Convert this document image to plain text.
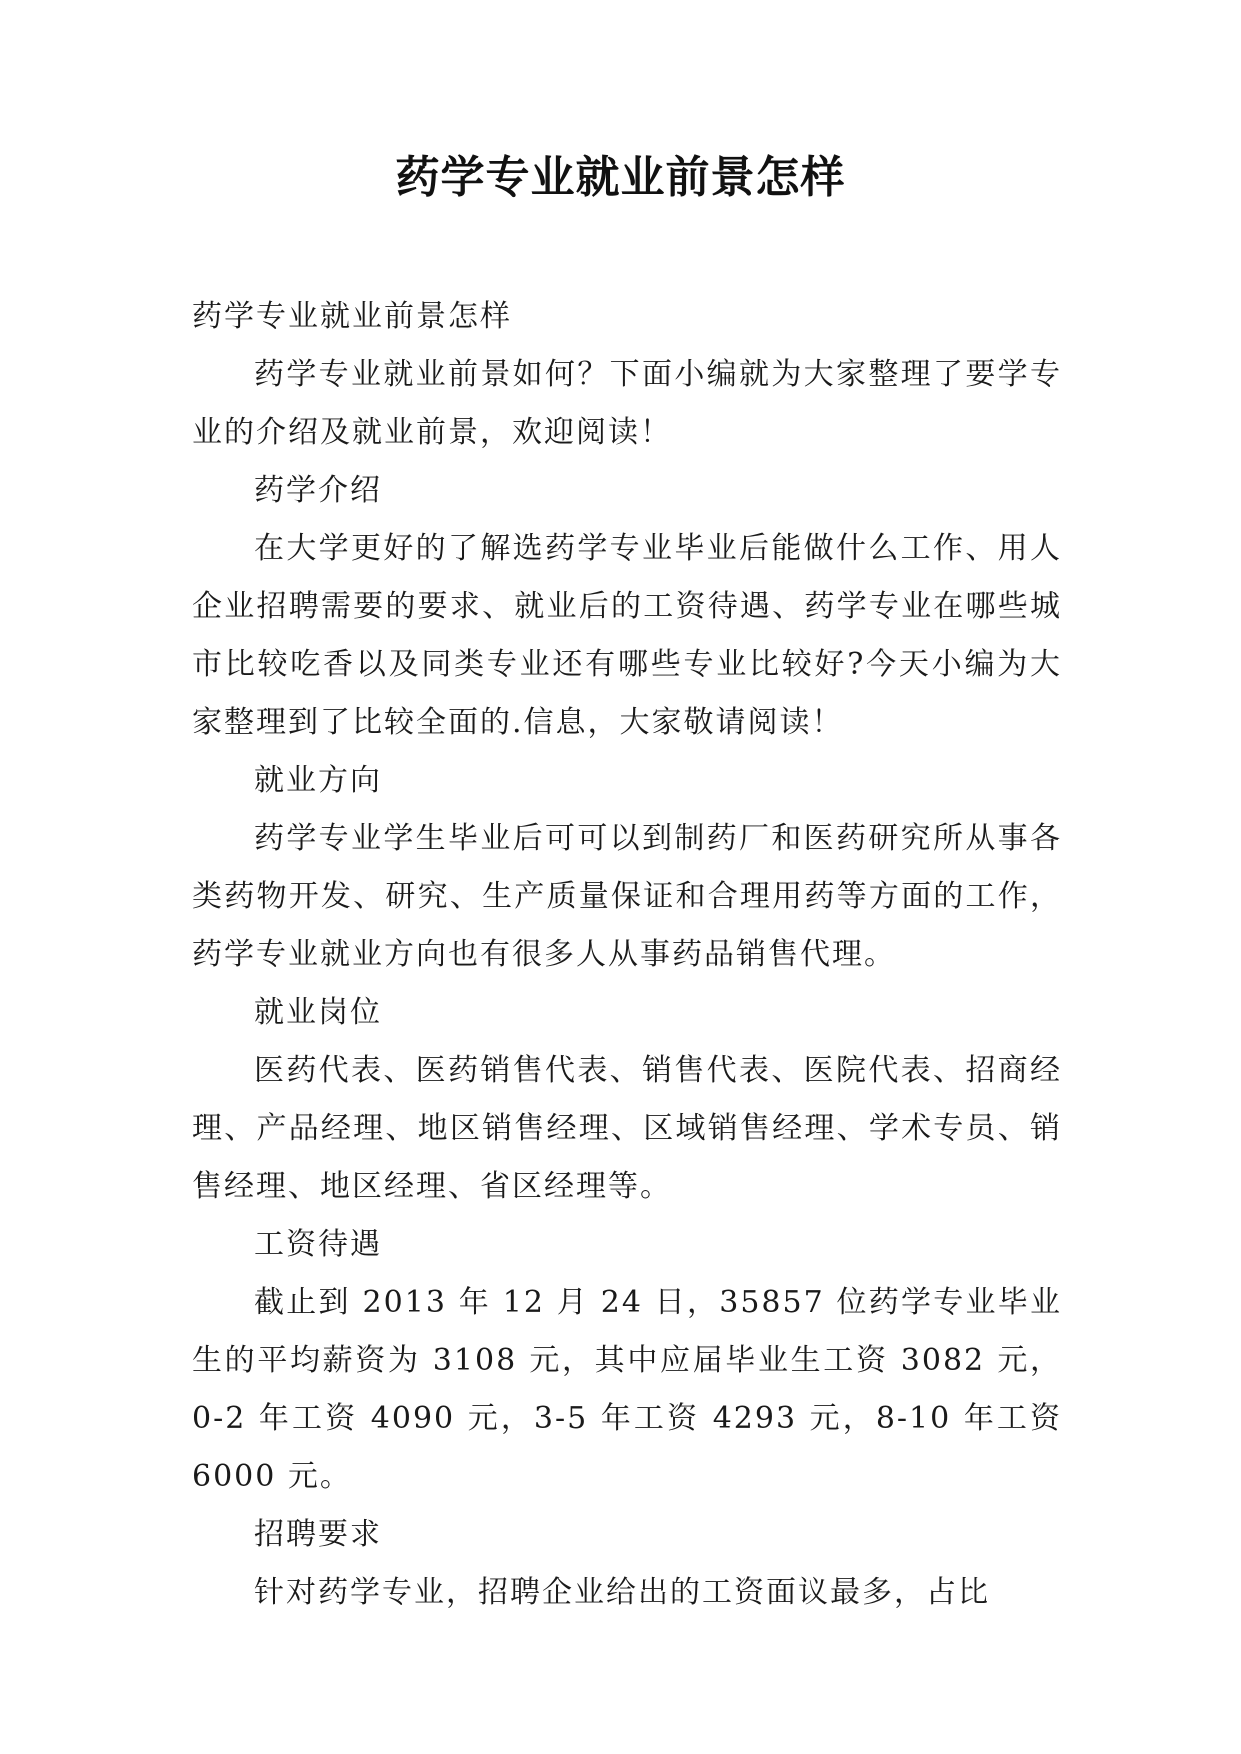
药学专业就业前景怎样

药学专业就业前景怎样

药学专业就业前景如何？下面小编就为大家整理了要学专业的介绍及就业前景，欢迎阅读！

药学介绍

在大学更好的了解选药学专业毕业后能做什么工作、用人企业招聘需要的要求、就业后的工资待遇、药学专业在哪些城市比较吃香以及同类专业还有哪些专业比较好?今天小编为大家整理到了比较全面的.信息，大家敬请阅读！

就业方向

药学专业学生毕业后可可以到制药厂和医药研究所从事各类药物开发、研究、生产质量保证和合理用药等方面的工作，药学专业就业方向也有很多人从事药品销售代理。

就业岗位

医药代表、医药销售代表、销售代表、医院代表、招商经理、产品经理、地区销售经理、区域销售经理、学术专员、销售经理、地区经理、省区经理等。

工资待遇

截止到 2013 年 12 月 24 日，35857 位药学专业毕业生的平均薪资为 3108 元，其中应届毕业生工资 3082 元，0-2 年工资 4090 元，3-5 年工资 4293 元，8-10 年工资 6000 元。

招聘要求

针对药学专业，招聘企业给出的工资面议最多，占比
